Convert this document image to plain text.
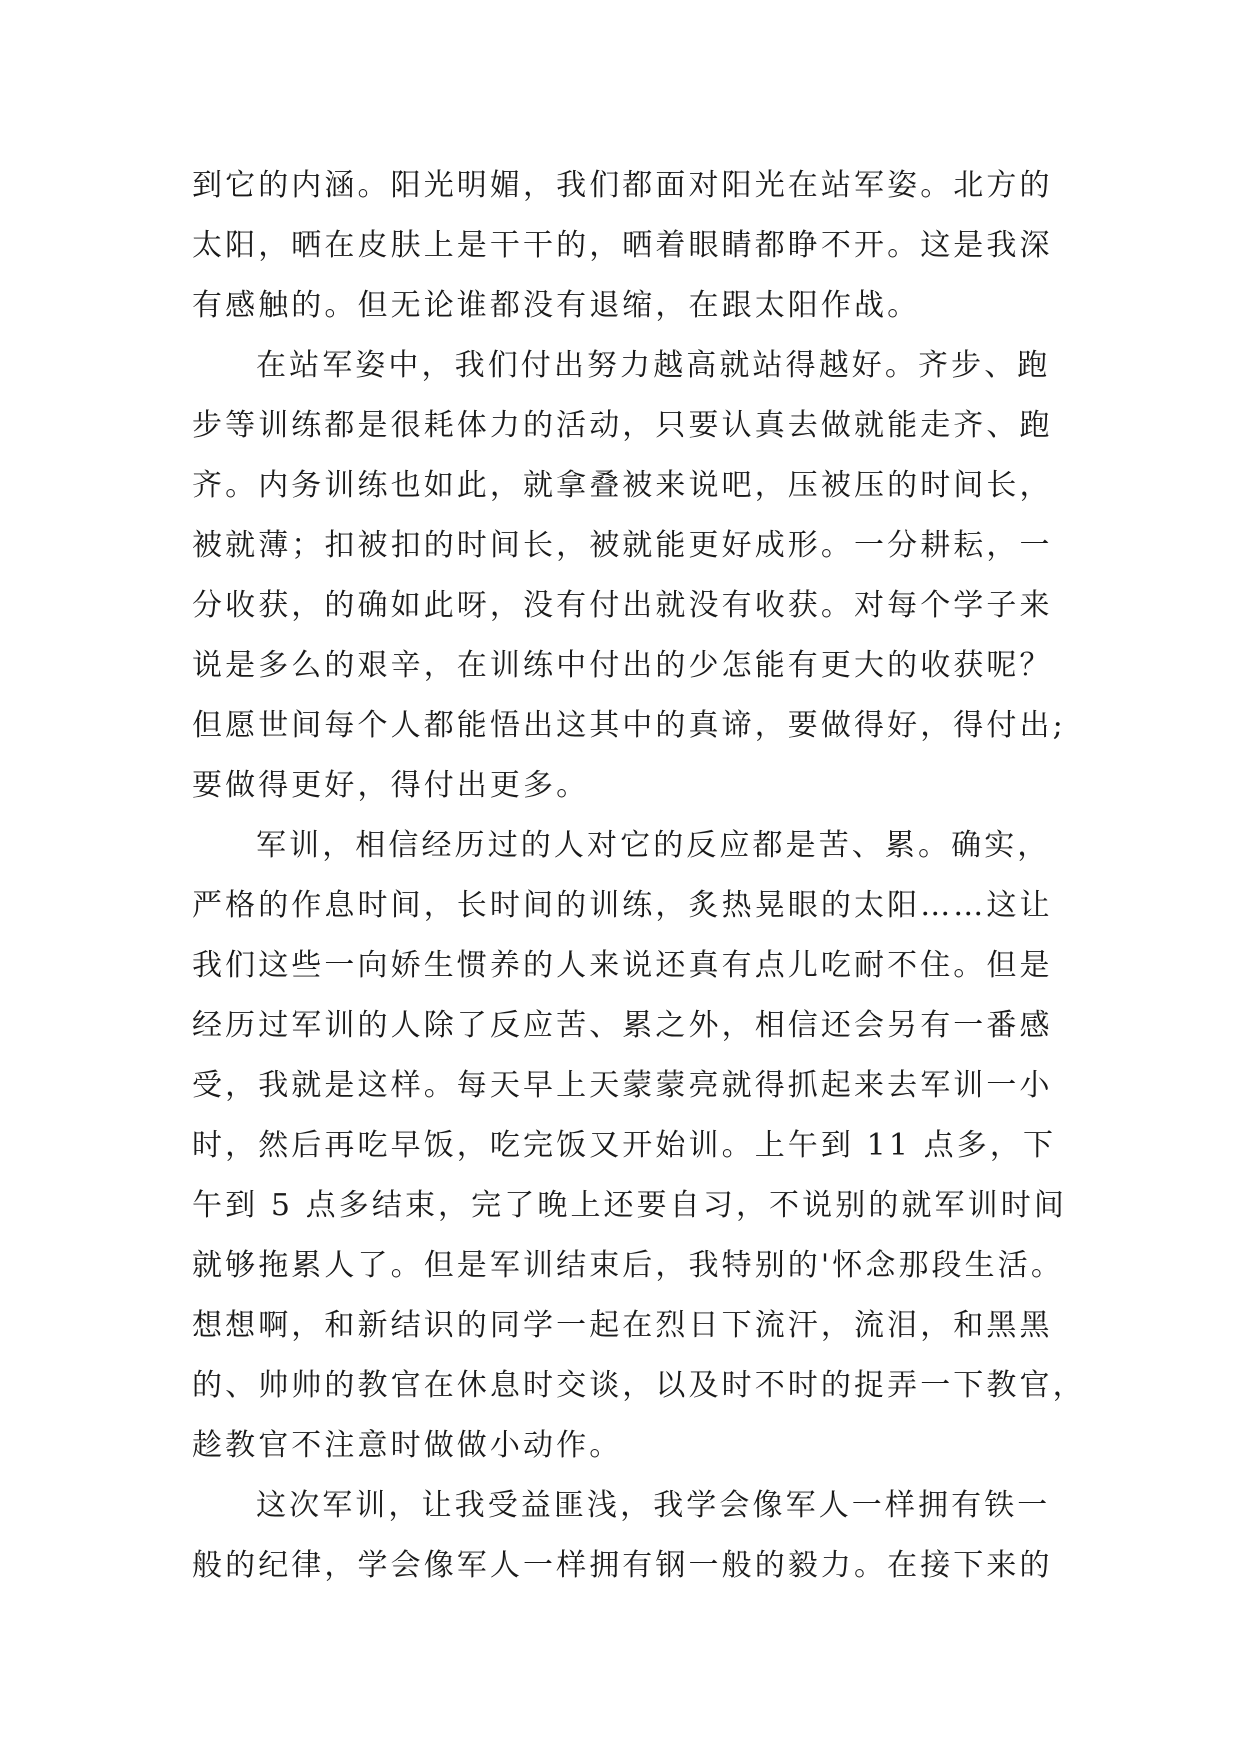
到它的内涵。阳光明媚，我们都面对阳光在站军姿。北方的
太阳，晒在皮肤上是干干的，晒着眼睛都睁不开。这是我深
有感触的。但无论谁都没有退缩，在跟太阳作战。
在站军姿中，我们付出努力越高就站得越好。齐步、跑
步等训练都是很耗体力的活动，只要认真去做就能走齐、跑
齐。内务训练也如此，就拿叠被来说吧，压被压的时间长，
被就薄；扣被扣的时间长，被就能更好成形。一分耕耘，一
分收获，的确如此呀，没有付出就没有收获。对每个学子来
说是多么的艰辛，在训练中付出的少怎能有更大的收获呢？
但愿世间每个人都能悟出这其中的真谛，要做得好，得付出;
要做得更好，得付出更多。
军训，相信经历过的人对它的反应都是苦、累。确实，
严格的作息时间，长时间的训练，炙热晃眼的太阳……这让
我们这些一向娇生惯养的人来说还真有点儿吃耐不住。但是
经历过军训的人除了反应苦、累之外，相信还会另有一番感
受，我就是这样。每天早上天蒙蒙亮就得抓起来去军训一小
时，然后再吃早饭，吃完饭又开始训。上午到 11 点多，下
午到 5 点多结束，完了晚上还要自习，不说别的就军训时间
就够拖累人了。但是军训结束后，我特别的'怀念那段生活。
想想啊，和新结识的同学一起在烈日下流汗，流泪，和黑黑
的、帅帅的教官在休息时交谈，以及时不时的捉弄一下教官，
趁教官不注意时做做小动作。
这次军训，让我受益匪浅，我学会像军人一样拥有铁一
般的纪律，学会像军人一样拥有钢一般的毅力。在接下来的
